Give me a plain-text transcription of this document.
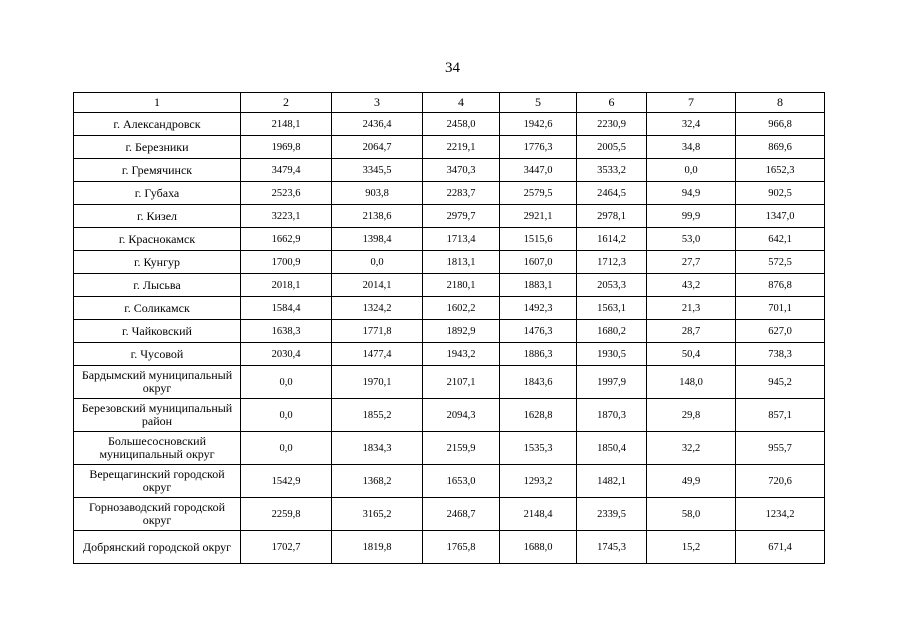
34
1	2	3	4	5	6	7	8
г. Александровск	2148,1	2436,4	2458,0	1942,6	2230,9	32,4	966,8
г. Березники	1969,8	2064,7	2219,1	1776,3	2005,5	34,8	869,6
г. Гремячинск	3479,4	3345,5	3470,3	3447,0	3533,2	0,0	1652,3
г. Губаха	2523,6	903,8	2283,7	2579,5	2464,5	94,9	902,5
г. Кизел	3223,1	2138,6	2979,7	2921,1	2978,1	99,9	1347,0
г. Краснокамск	1662,9	1398,4	1713,4	1515,6	1614,2	53,0	642,1
г. Кунгур	1700,9	0,0	1813,1	1607,0	1712,3	27,7	572,5
г. Лысьва	2018,1	2014,1	2180,1	1883,1	2053,3	43,2	876,8
г. Соликамск	1584,4	1324,2	1602,2	1492,3	1563,1	21,3	701,1
г. Чайковский	1638,3	1771,8	1892,9	1476,3	1680,2	28,7	627,0
г. Чусовой	2030,4	1477,4	1943,2	1886,3	1930,5	50,4	738,3
Бардымский муниципальный округ	0,0	1970,1	2107,1	1843,6	1997,9	148,0	945,2
Березовский муниципальный район	0,0	1855,2	2094,3	1628,8	1870,3	29,8	857,1
Большесосновский муниципальный округ	0,0	1834,3	2159,9	1535,3	1850,4	32,2	955,7
Верещагинский городской округ	1542,9	1368,2	1653,0	1293,2	1482,1	49,9	720,6
Горнозаводский городской округ	2259,8	3165,2	2468,7	2148,4	2339,5	58,0	1234,2
Добрянский городской округ	1702,7	1819,8	1765,8	1688,0	1745,3	15,2	671,4
